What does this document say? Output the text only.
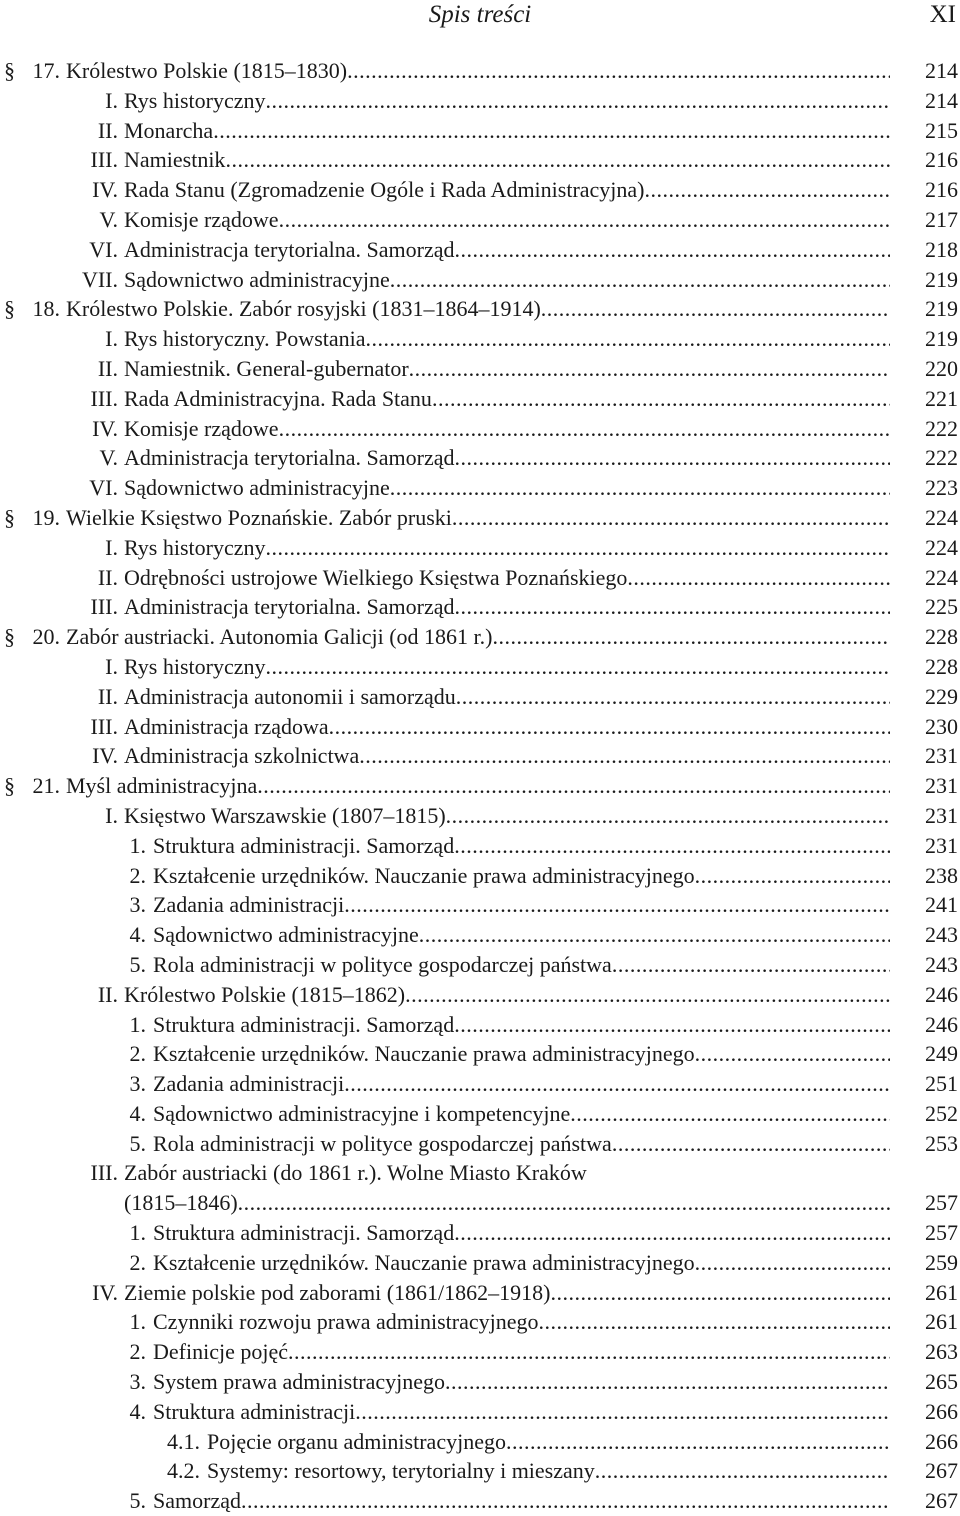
Spis treści	XI
§ 17. Królestwo Polskie (1815–1830) .....	214
I. Rys historyczny .....	214
II. Monarcha .....	215
III. Namiestnik .....	216
IV. Rada Stanu (Zgromadzenie Ogóle i Rada Administracyjna) .....	216
V. Komisje rządowe .....	217
VI. Administracja terytorialna. Samorząd .....	218
VII. Sądownictwo administracyjne .....	219
§ 18. Królestwo Polskie. Zabór rosyjski (1831–1864–1914) .....	219
I. Rys historyczny. Powstania .....	219
II. Namiestnik. General-gubernator .....	220
III. Rada Administracyjna. Rada Stanu .....	221
IV. Komisje rządowe .....	222
V. Administracja terytorialna. Samorząd .....	222
VI. Sądownictwo administracyjne .....	223
§ 19. Wielkie Księstwo Poznańskie. Zabór pruski .....	224
I. Rys historyczny .....	224
II. Odrębności ustrojowe Wielkiego Księstwa Poznańskiego .....	224
III. Administracja terytorialna. Samorząd .....	225
§ 20. Zabór austriacki. Autonomia Galicji (od 1861 r.) .....	228
I. Rys historyczny .....	228
II. Administracja autonomii i samorządu .....	229
III. Administracja rządowa .....	230
IV. Administracja szkolnictwa .....	231
§ 21. Myśl administracyjna .....	231
I. Księstwo Warszawskie (1807–1815) .....	231
1. Struktura administracji. Samorząd .....	231
2. Kształcenie urzędników. Nauczanie prawa administracyjnego .....	238
3. Zadania administracji .....	241
4. Sądownictwo administracyjne .....	243
5. Rola administracji w polityce gospodarczej państwa .....	243
II. Królestwo Polskie (1815–1862) .....	246
1. Struktura administracji. Samorząd .....	246
2. Kształcenie urzędników. Nauczanie prawa administracyjnego .....	249
3. Zadania administracji .....	251
4. Sądownictwo administracyjne i kompetencyjne .....	252
5. Rola administracji w polityce gospodarczej państwa .....	253
III. Zabór austriacki (do 1861 r.). Wolne Miasto Kraków
(1815–1846) .....	257
1. Struktura administracji. Samorząd .....	257
2. Kształcenie urzędników. Nauczanie prawa administracyjnego .....	259
IV. Ziemie polskie pod zaborami (1861/1862–1918) .....	261
1. Czynniki rozwoju prawa administracyjnego .....	261
2. Definicje pojęć .....	263
3. System prawa administracyjnego .....	265
4. Struktura administracji .....	266
4.1. Pojęcie organu administracyjnego .....	266
4.2. Systemy: resortowy, terytorialny i mieszany .....	267
5. Samorząd .....	267
